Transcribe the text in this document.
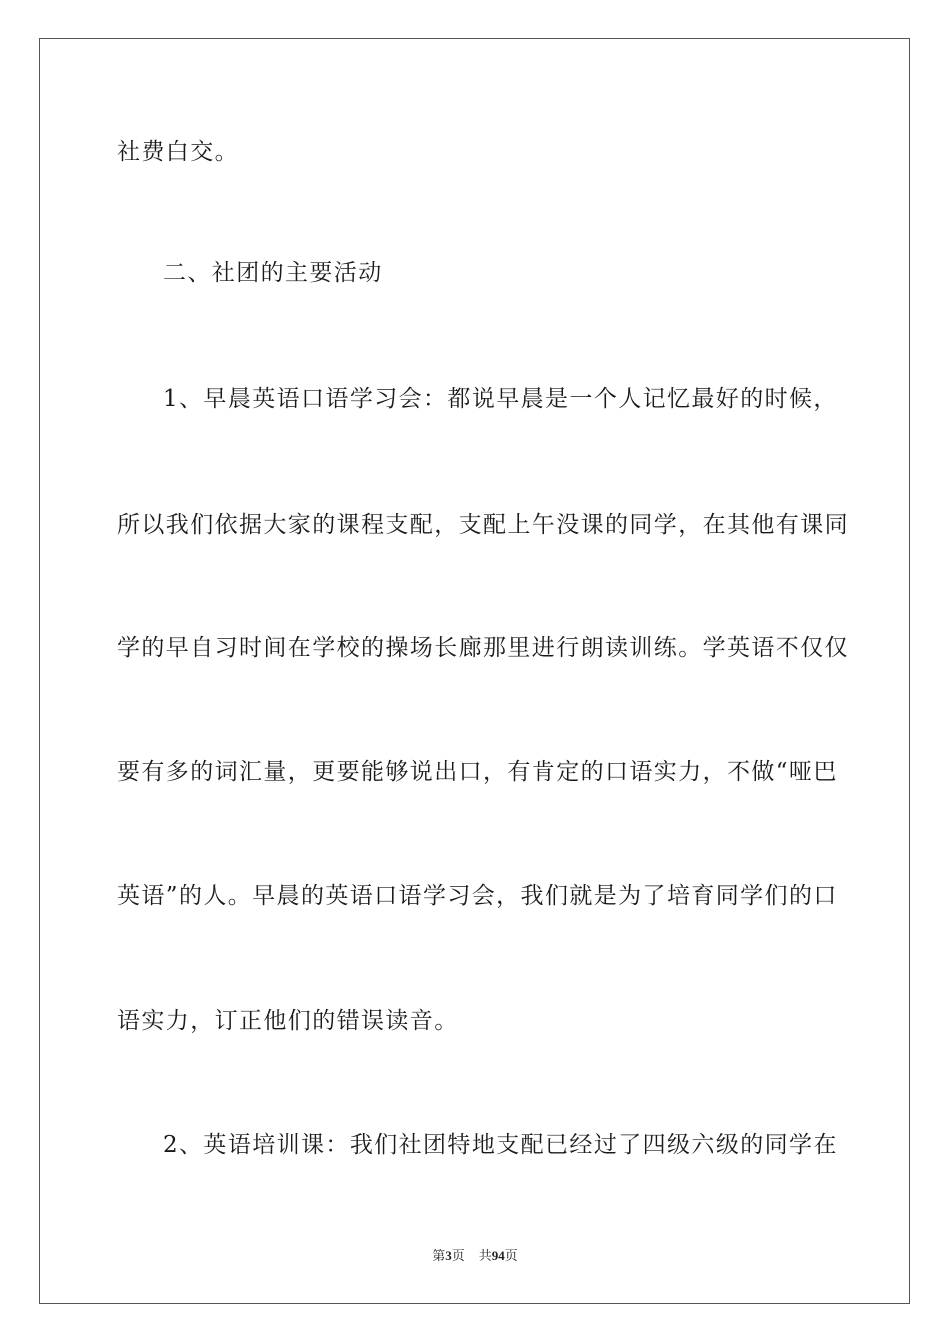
社费白交。
二、社团的主要活动
1、早晨英语口语学习会：都说早晨是一个人记忆最好的时候，
所以我们依据大家的课程支配，支配上午没课的同学，在其他有课同
学的早自习时间在学校的操场长廊那里进行朗读训练。学英语不仅仅
要有多的词汇量，更要能够说出口，有肯定的口语实力，不做“哑巴
英语”的人。早晨的英语口语学习会，我们就是为了培育同学们的口
语实力，订正他们的错误读音。
2、英语培训课：我们社团特地支配已经过了四级六级的同学在
第3页 共94页
